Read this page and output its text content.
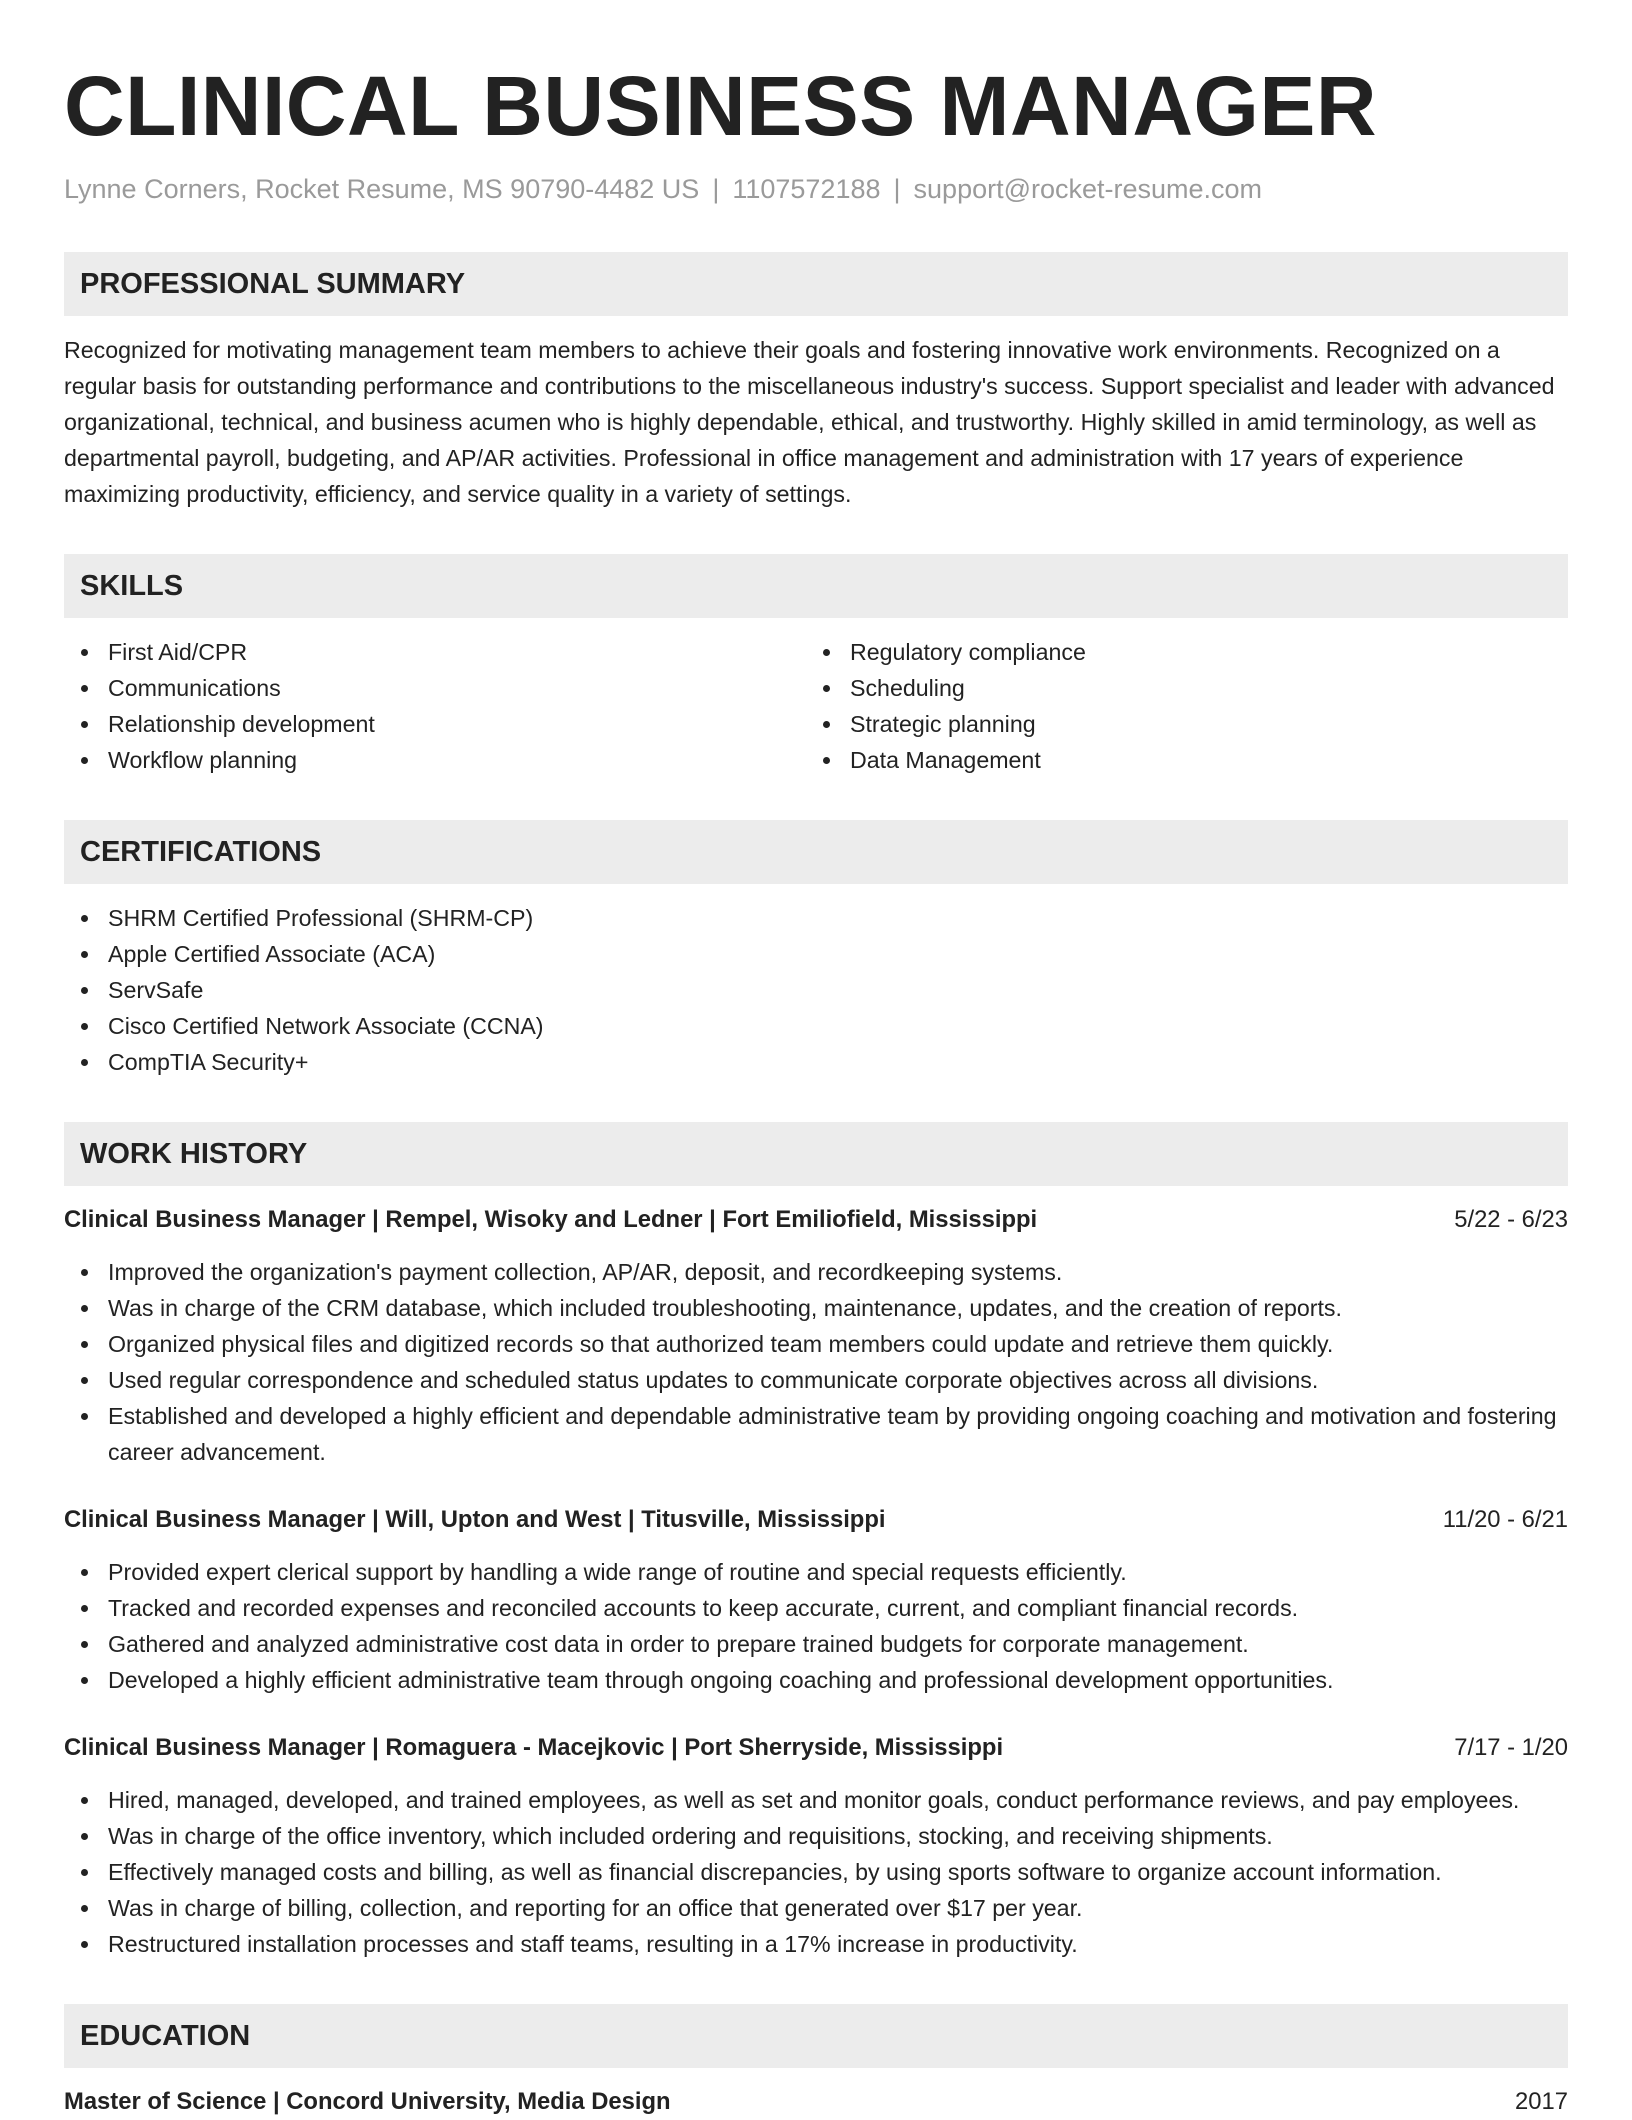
CLINICAL BUSINESS MANAGER
Lynne Corners, Rocket Resume, MS 90790-4482 US | 1107572188 | support@rocket-resume.com
PROFESSIONAL SUMMARY

Recognized for motivating management team members to achieve their goals and fostering innovative work environments. Recognized on a regular basis for outstanding performance and contributions to the miscellaneous industry's success. Support specialist and leader with advanced organizational, technical, and business acumen who is highly dependable, ethical, and trustworthy. Highly skilled in amid terminology, as well as departmental payroll, budgeting, and AP/AR activities. Professional in office management and administration with 17 years of experience maximizing productivity, efficiency, and service quality in a variety of settings.

SKILLS
First Aid/CPR
Communications
Relationship development
Workflow planning
Regulatory compliance
Scheduling
Strategic planning
Data Management
CERTIFICATIONS
SHRM Certified Professional (SHRM-CP)
Apple Certified Associate (ACA)
ServSafe
Cisco Certified Network Associate (CCNA)
CompTIA Security+
WORK HISTORY
Clinical Business Manager | Rempel, Wisoky and Ledner | Fort Emiliofield, Mississippi	5/22 - 6/23
Improved the organization's payment collection, AP/AR, deposit, and recordkeeping systems.
Was in charge of the CRM database, which included troubleshooting, maintenance, updates, and the creation of reports.
Organized physical files and digitized records so that authorized team members could update and retrieve them quickly.
Used regular correspondence and scheduled status updates to communicate corporate objectives across all divisions.
Established and developed a highly efficient and dependable administrative team by providing ongoing coaching and motivation and fostering career advancement.
Clinical Business Manager | Will, Upton and West | Titusville, Mississippi	11/20 - 6/21
Provided expert clerical support by handling a wide range of routine and special requests efficiently.
Tracked and recorded expenses and reconciled accounts to keep accurate, current, and compliant financial records.
Gathered and analyzed administrative cost data in order to prepare trained budgets for corporate management.
Developed a highly efficient administrative team through ongoing coaching and professional development opportunities.
Clinical Business Manager | Romaguera - Macejkovic | Port Sherryside, Mississippi	7/17 - 1/20
Hired, managed, developed, and trained employees, as well as set and monitor goals, conduct performance reviews, and pay employees.
Was in charge of the office inventory, which included ordering and requisitions, stocking, and receiving shipments.
Effectively managed costs and billing, as well as financial discrepancies, by using sports software to organize account information.
Was in charge of billing, collection, and reporting for an office that generated over $17 per year.
Restructured installation processes and staff teams, resulting in a 17% increase in productivity.
EDUCATION
Master of Science | Concord University, Media Design	2017
